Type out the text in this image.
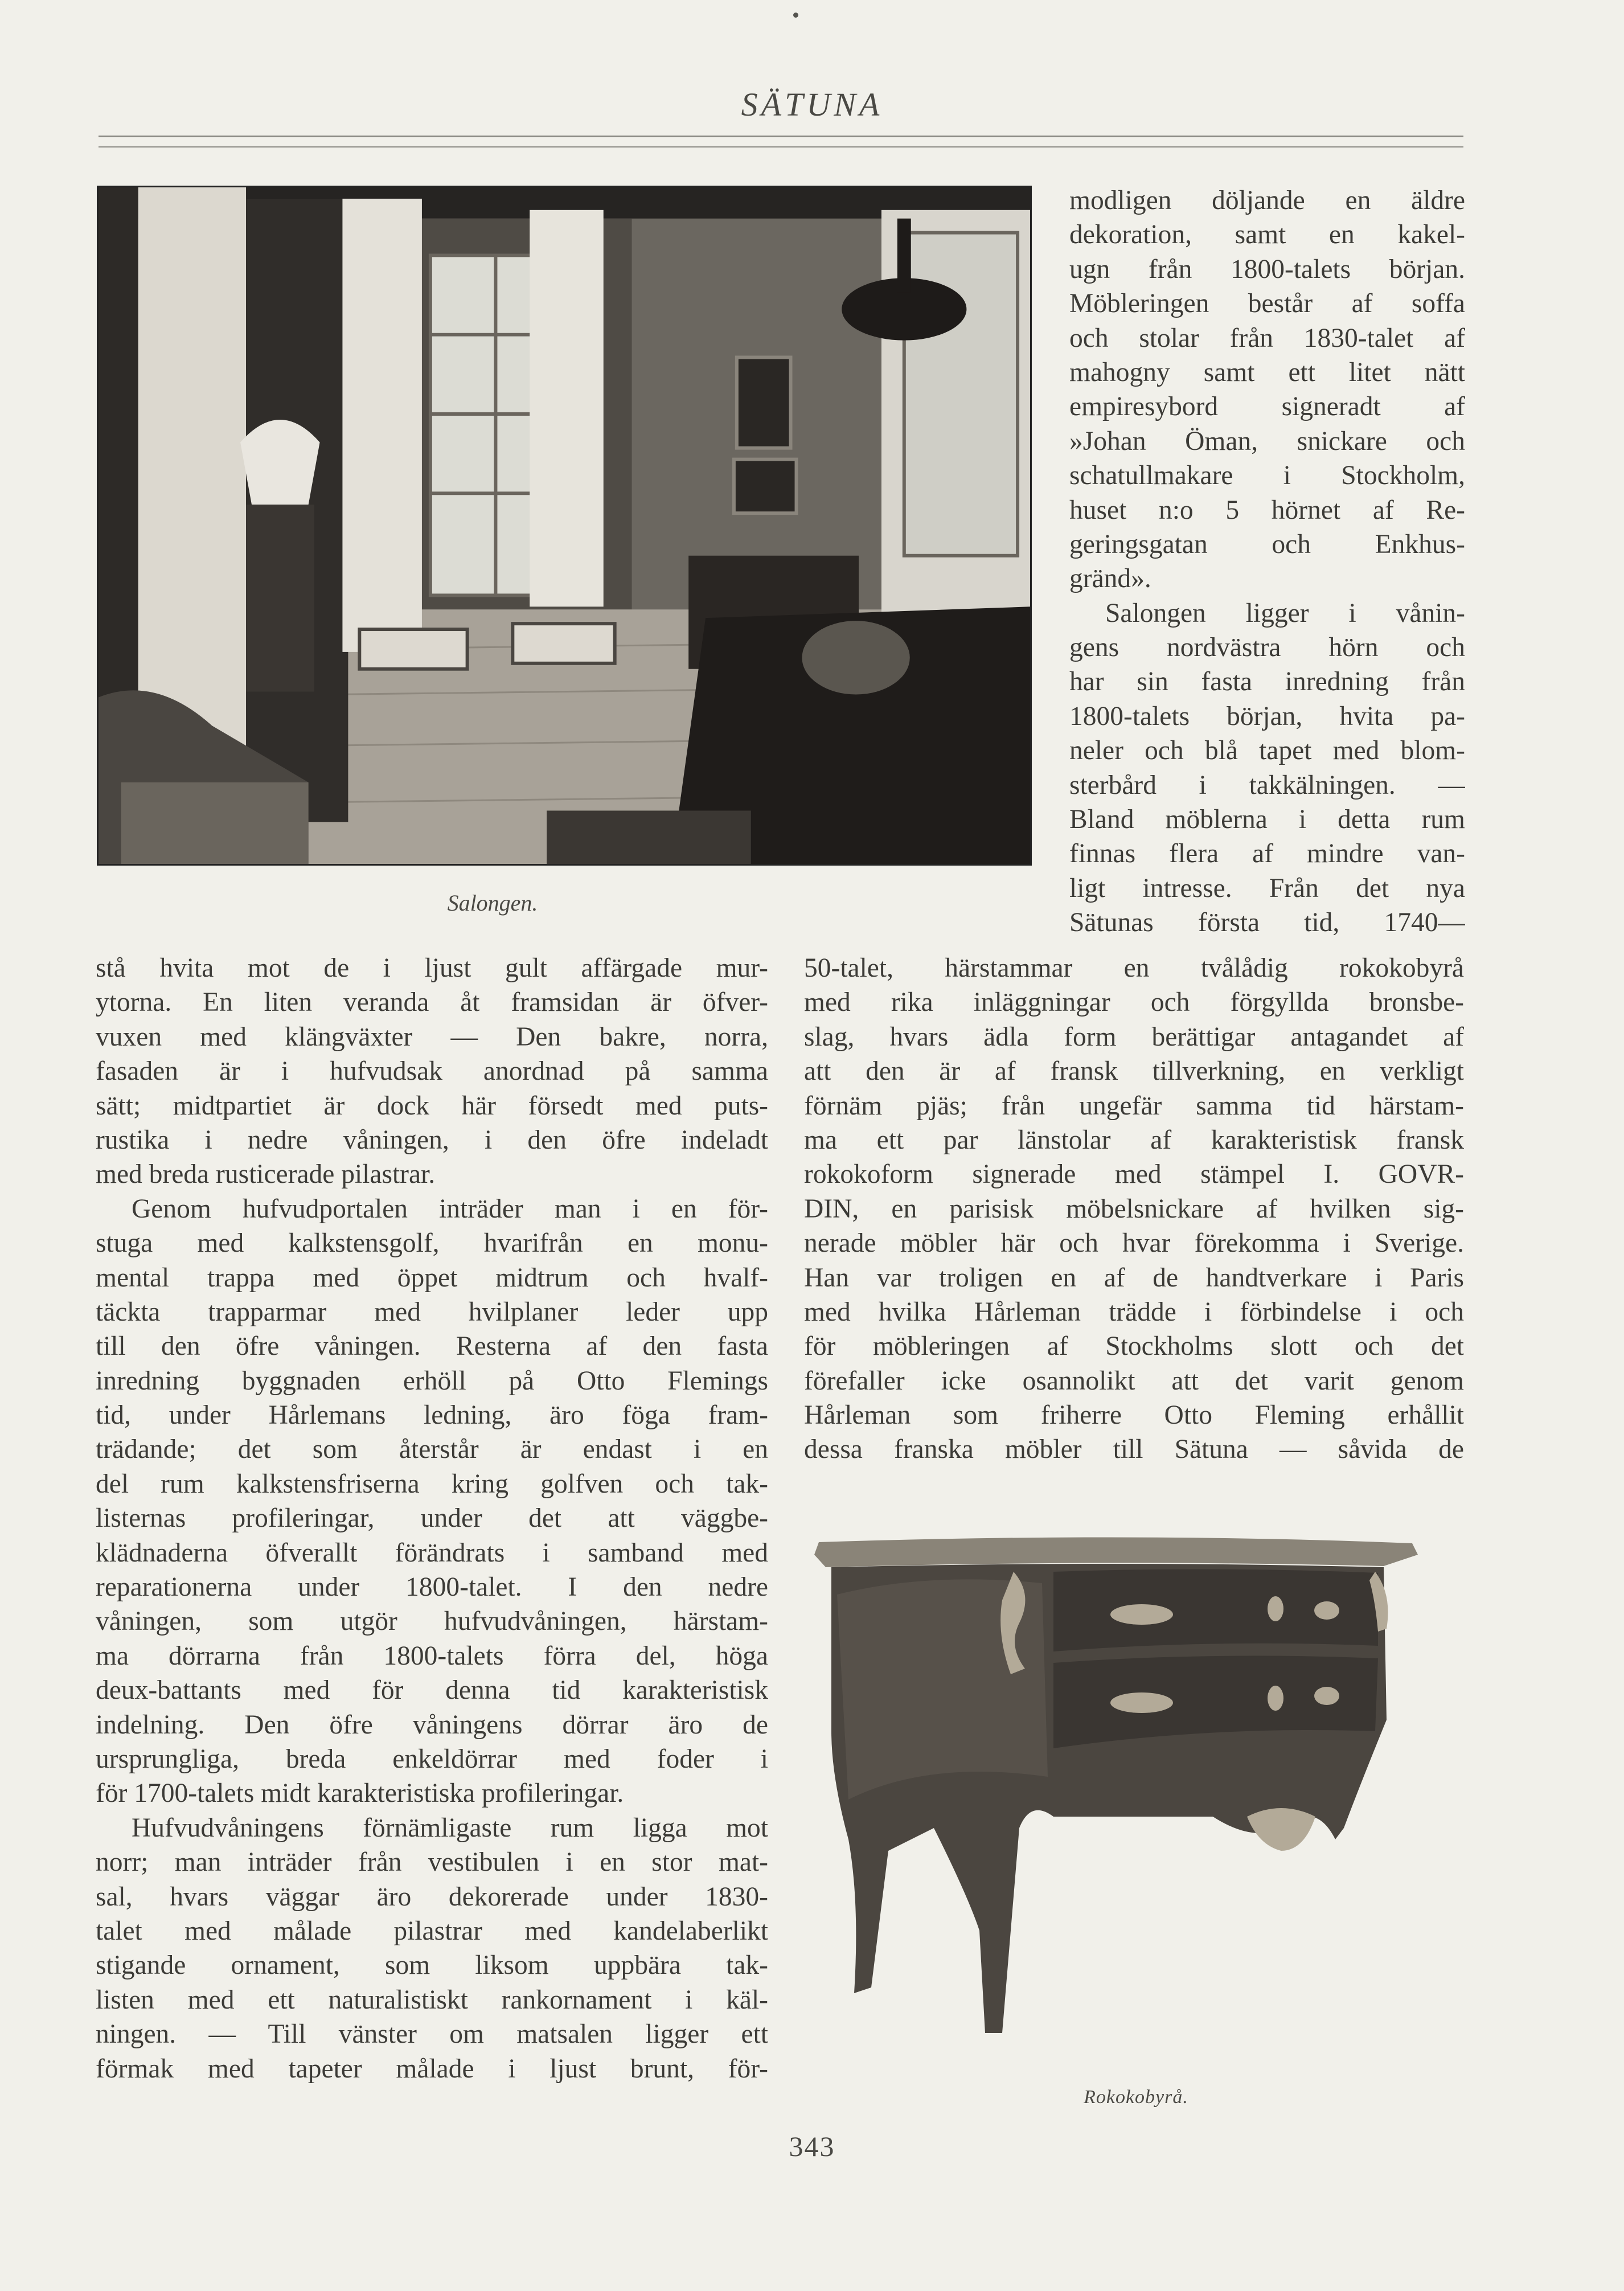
SÄTUNA
Salongen.
modligen döljande en äldre
dekoration, samt en kakel-
ugn från 1800-talets början.
Möbleringen består af soffa
och stolar från 1830-talet af
mahogny samt ett litet nätt
empiresybord signeradt af
»Johan Öman, snickare och
schatullmakare i Stockholm,
huset n:o 5 hörnet af Re-
geringsgatan och Enkhus-
gränd».
Salongen ligger i vånin-
gens nordvästra hörn och
har sin fasta inredning från
1800-talets början, hvita pa-
neler och blå tapet med blom-
sterbård i takkälningen. —
Bland möblerna i detta rum
finnas flera af mindre van-
ligt intresse. Från det nya
Sätunas första tid, 1740—
stå hvita mot de i ljust gult affärgade mur-
ytorna. En liten veranda åt framsidan är öfver-
vuxen med klängväxter — Den bakre, norra,
fasaden är i hufvudsak anordnad på samma
sätt; midtpartiet är dock här försedt med puts-
rustika i nedre våningen, i den öfre indeladt
med breda rusticerade pilastrar.
Genom hufvudportalen inträder man i en för-
stuga med kalkstensgolf, hvarifrån en monu-
mental trappa med öppet midtrum och hvalf-
täckta trapparmar med hvilplaner leder upp
till den öfre våningen. Resterna af den fasta
inredning byggnaden erhöll på Otto Flemings
tid, under Hårlemans ledning, äro föga fram-
trädande; det som återstår är endast i en
del rum kalkstensfriserna kring golfven och tak-
listernas profileringar, under det att väggbe-
klädnaderna öfverallt förändrats i samband med
reparationerna under 1800-talet. I den nedre
våningen, som utgör hufvudvåningen, härstam-
ma dörrarna från 1800-talets förra del, höga
deux-battants med för denna tid karakteristisk
indelning. Den öfre våningens dörrar äro de
ursprungliga, breda enkeldörrar med foder i
för 1700-talets midt karakteristiska profileringar.
Hufvudvåningens förnämligaste rum ligga mot
norr; man inträder från vestibulen i en stor mat-
sal, hvars väggar äro dekorerade under 1830-
talet med målade pilastrar med kandelaberlikt
stigande ornament, som liksom uppbära tak-
listen med ett naturalistiskt rankornament i käl-
ningen. — Till vänster om matsalen ligger ett
förmak med tapeter målade i ljust brunt, för-
50-talet, härstammar en tvålådig rokokobyrå
med rika inläggningar och förgyllda bronsbe-
slag, hvars ädla form berättigar antagandet af
att den är af fransk tillverkning, en verkligt
förnäm pjäs; från ungefär samma tid härstam-
ma ett par länstolar af karakteristisk fransk
rokokoform signerade med stämpel I. GOVR-
DIN, en parisisk möbelsnickare af hvilken sig-
nerade möbler här och hvar förekomma i Sverige.
Han var troligen en af de handtverkare i Paris
med hvilka Hårleman trädde i förbindelse i och
för möbleringen af Stockholms slott och det
förefaller icke osannolikt att det varit genom
Hårleman som friherre Otto Fleming erhållit
dessa franska möbler till Sätuna — såvida de
Rokokobyrå.
343
